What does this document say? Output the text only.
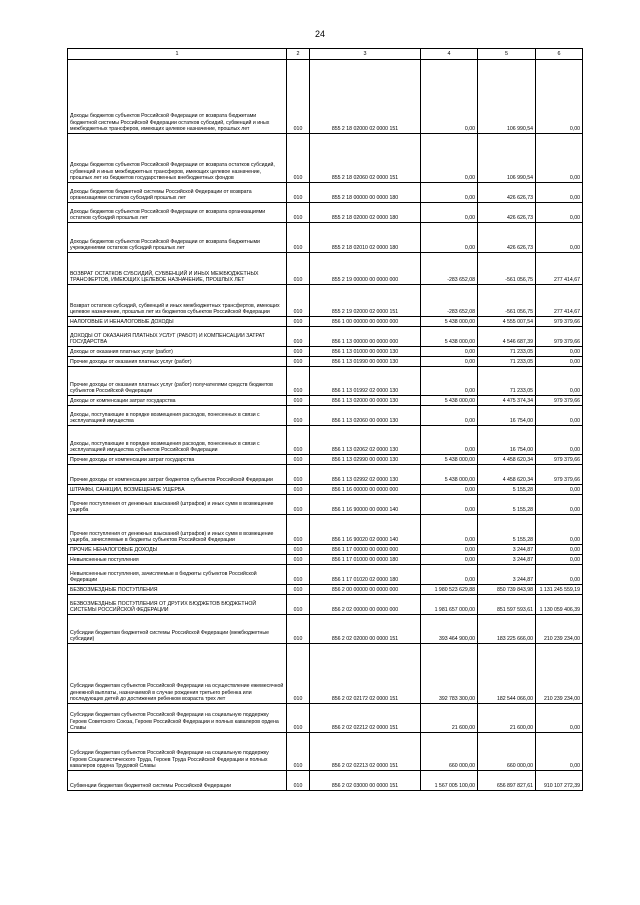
24
1	2	3	4	5	6
Доходы бюджетов субъектов Российской Федерации от возврата бюджетами бюджетной системы Российской Федерации остатков субсидий, субвенций и иных межбюджетных трансферов, имеющих целевое назначение, прошлых лет	010	855 2 18 02000 02 0000 151	0,00	106 990,54	0,00
Доходы бюджетов субъектов Российской Федерации от возврата остатков субсидий, субвенций и иных межбюджетных трансферов, имеющих целевое назначение, прошлых лет из бюджетов государственных внебюджетных фондов	010	855 2 18 02060 02 0000 151	0,00	106 990,54	0,00
Доходы бюджетов бюджетной системы Российской Федерации от возврата организациями остатков субсидий прошлых лет	010	855 2 18 00000 00 0000 180	0,00	426 626,73	0,00
Доходы бюджетов субъектов Российской Федерации от возврата организациями остатков субсидий прошлых лет	010	855 2 18 02000 02 0000 180	0,00	426 626,73	0,00
Доходы бюджетов субъектов Российской Федерации от возврата бюджетными учреждениями остатков субсидий прошлых лет	010	855 2 18 02010 02 0000 180	0,00	426 626,73	0,00
ВОЗВРАТ ОСТАТКОВ СУБСИДИЙ, СУБВЕНЦИЙ И ИНЫХ МЕЖБЮДЖЕТНЫХ ТРАНСФЕРТОВ, ИМЕЮЩИХ ЦЕЛЕВОЕ НАЗНАЧЕНИЕ, ПРОШЛЫХ ЛЕТ	010	855 2 19 00000 00 0000 000	-283 652,08	-561 056,75	277 414,67
Возврат остатков субсидий, субвенций и иных межбюджетных трансфертов, имеющих целевое назначение, прошлых лет из бюджетов субъектов Российской Федерации	010	855 2 19 02000 02 0000 151	-283 652,08	-561 056,75	277 414,67
НАЛОГОВЫЕ И НЕНАЛОГОВЫЕ ДОХОДЫ	010	856 1 00 00000 00 0000 000	5 438 000,00	4 555 007,54	979 379,66
ДОХОДЫ ОТ ОКАЗАНИЯ ПЛАТНЫХ УСЛУГ (РАБОТ) И КОМПЕНСАЦИИ ЗАТРАТ ГОСУДАРСТВА	010	856 1 13 00000 00 0000 000	5 438 000,00	4 546 687,39	979 379,66
Доходы от оказания платных услуг (работ)	010	856 1 13 01000 00 0000 130	0,00	71 233,05	0,00
Прочие доходы от оказания платных услуг (работ)	010	856 1 13 01990 00 0000 130	0,00	71 233,05	0,00
Прочие доходы от оказания платных услуг (работ) получателями средств бюджетов субъектов Российской Федерации	010	856 1 13 01992 02 0000 130	0,00	71 233,05	0,00
Доходы от компенсации затрат государства	010	856 1 13 02000 00 0000 130	5 438 000,00	4 475 374,34	979 379,66
Доходы, поступающие в порядке возмещения расходов, понесенных в связи с эксплуатацией имущества	010	856 1 13 02060 00 0000 130	0,00	16 754,00	0,00
Доходы, поступающие в порядке возмещения расходов, понесенных в связи с эксплуатацией имущества субъектов Российской Федерации	010	856 1 13 02062 02 0000 130	0,00	16 754,00	0,00
Прочие доходы от компенсации затрат государства	010	856 1 13 02990 00 0000 130	5 438 000,00	4 458 620,34	979 379,66
Прочие доходы от компенсации затрат бюджетов субъектов Российской Федерации	010	856 1 13 02992 02 0000 130	5 438 000,00	4 458 620,34	979 379,66
ШТРАФЫ, САНКЦИИ, ВОЗМЕЩЕНИЕ УЩЕРБА	010	856 1 16 00000 00 0000 000	0,00	5 155,28	0,00
Прочие поступления от денежных взысканий (штрафов) и иных сумм в возмещение ущерба	010	856 1 16 90000 00 0000 140	0,00	5 155,28	0,00
Прочие поступления от денежных взысканий (штрафов) и иных сумм в возмещение ущерба, зачисляемые в бюджеты субъектов Российской Федерации	010	856 1 16 90020 02 0000 140	0,00	5 155,28	0,00
ПРОЧИЕ НЕНАЛОГОВЫЕ ДОХОДЫ	010	856 1 17 00000 00 0000 000	0,00	3 244,87	0,00
Невыясненные поступления	010	856 1 17 01000 00 0000 180	0,00	3 244,87	0,00
Невыясненные поступления, зачисляемые в бюджеты субъектов Российской Федерации	010	856 1 17 01020 02 0000 180	0,00	3 244,87	0,00
БЕЗВОЗМЕЗДНЫЕ ПОСТУПЛЕНИЯ	010	856 2 00 00000 00 0000 000	1 980 523 629,88	850 739 843,98	1 131 245 559,19
БЕЗВОЗМЕЗДНЫЕ ПОСТУПЛЕНИЯ ОТ ДРУГИХ БЮДЖЕТОВ БЮДЖЕТНОЙ СИСТЕМЫ РОССИЙСКОЙ ФЕДЕРАЦИИ	010	856 2 02 00000 00 0000 000	1 981 657 000,00	851 597 593,61	1 130 059 406,39
Субсидии бюджетам бюджетной системы Российской Федерации (межбюджетные субсидии)	010	856 2 02 02000 00 0000 151	393 464 900,00	183 225 666,00	210 239 234,00
Субсидии бюджетам субъектов Российской Федерации на осуществление ежемесячной денежной выплаты, назначаемой в случае рождения третьего ребенка или последующих детей до достижения ребенком возраста трех лет	010	856 2 02 02172 02 0000 151	392 783 300,00	182 544 066,00	210 239 234,00
Субсидии бюджетам субъектов Российской Федерации на социальную поддержку Героев Советского Союза, Героев Российской Федерации и полных кавалеров ордена Славы	010	856 2 02 02212 02 0000 151	21 600,00	21 600,00	0,00
Субсидии бюджетам субъектов Российской Федерации на социальную поддержку Героев Социалистического Труда, Героев Труда Российской Федерации и полных кавалеров ордена Трудовой Славы	010	856 2 02 02213 02 0000 151	660 000,00	660 000,00	0,00
Субвенции бюджетам бюджетной системы Российской Федерации	010	856 2 02 03000 00 0000 151	1 567 005 100,00	656 897 827,61	910 107 272,39
